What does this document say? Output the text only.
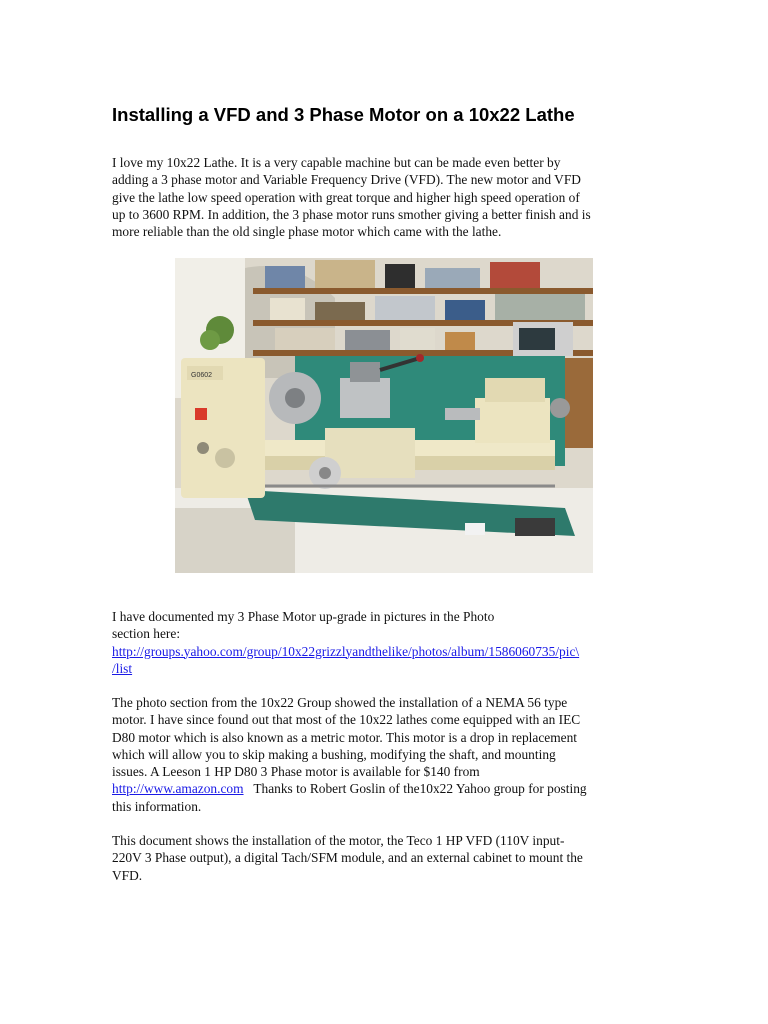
Installing a VFD and 3 Phase Motor on a 10x22 Lathe
I love my 10x22 Lathe. It is a very capable machine but can be made even better by
adding a 3 phase motor and Variable Frequency Drive (VFD). The new motor and VFD
give the lathe low speed operation with great torque and higher high speed operation of
up to 3600 RPM. In addition, the 3 phase motor runs smother giving a better finish and is
more reliable than the old single phase motor which came with the lathe.
G0602
I have documented my 3 Phase Motor up-grade in pictures in the Photo
section here:
http://groups.yahoo.com/group/10x22grizzlyandthelike/photos/album/1586060735/pic\
/list
The photo section from the 10x22 Group showed the installation of a NEMA 56 type
motor. I have since found out that most of the 10x22 lathes come equipped with an IEC
D80 motor which is also known as a metric motor. This motor is a drop in replacement
which will allow you to skip making a bushing, modifying the shaft, and mounting
issues. A Leeson 1 HP D80 3 Phase motor is available for $140 from
http://www.amazon.com   Thanks to Robert Goslin of the10x22 Yahoo group for posting
this information.
This document shows the installation of the motor, the Teco 1 HP VFD (110V input-
220V 3 Phase output), a digital Tach/SFM module, and an external cabinet to mount the
VFD.
